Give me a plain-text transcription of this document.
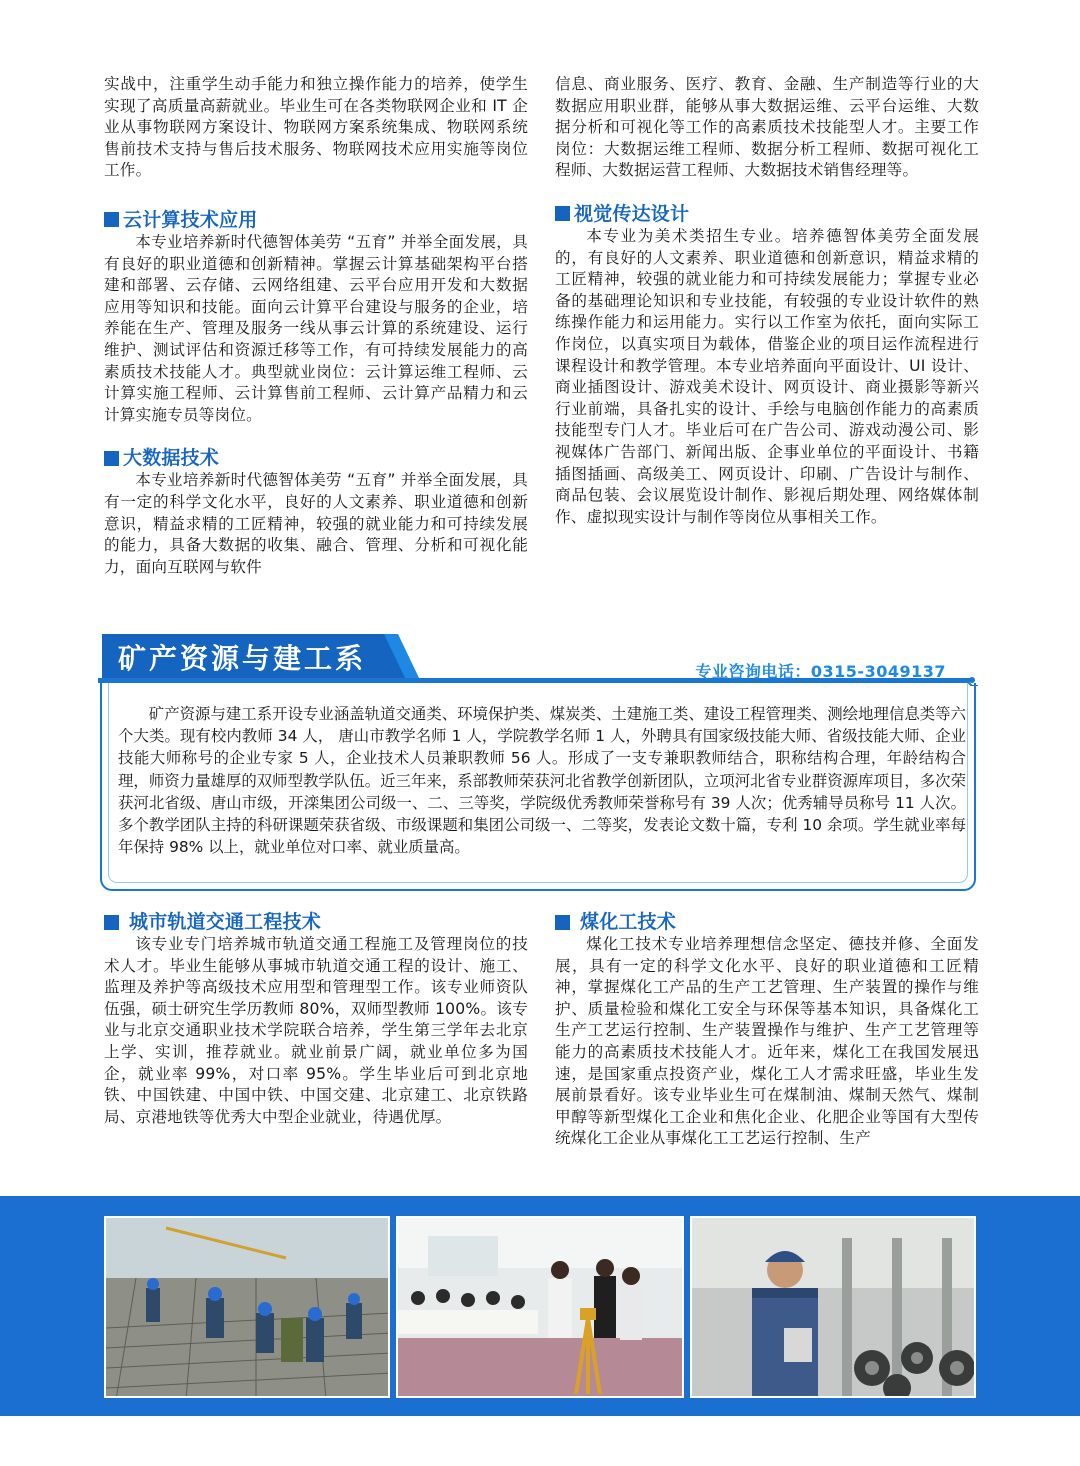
实战中，注重学生动手能力和独立操作能力的培养，使学生实现了高质量高薪就业。毕业生可在各类物联网企业和 IT 企业从事物联网方案设计、物联网方案系统集成、物联网系统售前技术支持与售后技术服务、物联网技术应用实施等岗位工作。

云计算技术应用

本专业培养新时代德智体美劳 “五育” 并举全面发展，具有良好的职业道德和创新精神。掌握云计算基础架构平台搭建和部署、云存储、云网络组建、云平台应用开发和大数据应用等知识和技能。面向云计算平台建设与服务的企业，培养能在生产、管理及服务一线从事云计算的系统建设、运行维护、测试评估和资源迁移等工作，有可持续发展能力的高素质技术技能人才。典型就业岗位：云计算运维工程师、云计算实施工程师、云计算售前工程师、云计算产品精力和云计算实施专员等岗位。

大数据技术

本专业培养新时代德智体美劳 “五育” 并举全面发展，具有一定的科学文化水平，良好的人文素养、职业道德和创新意识，精益求精的工匠精神，较强的就业能力和可持续发展的能力，具备大数据的收集、融合、管理、分析和可视化能力，面向互联网与软件

信息、商业服务、医疗、教育、金融、生产制造等行业的大数据应用职业群，能够从事大数据运维、云平台运维、大数据分析和可视化等工作的高素质技术技能型人才。主要工作岗位：大数据运维工程师、数据分析工程师、数据可视化工程师、大数据运营工程师、大数据技术销售经理等。

视觉传达设计

本专业为美术类招生专业。培养德智体美劳全面发展的，有良好的人文素养、职业道德和创新意识，精益求精的工匠精神，较强的就业能力和可持续发展能力；掌握专业必备的基础理论知识和专业技能，有较强的专业设计软件的熟练操作能力和运用能力。实行以工作室为依托，面向实际工作岗位，以真实项目为载体，借鉴企业的项目运作流程进行课程设计和教学管理。本专业培养面向平面设计、UI 设计、商业插图设计、游戏美术设计、网页设计、商业摄影等新兴行业前端，具备扎实的设计、手绘与电脑创作能力的高素质技能型专门人才。毕业后可在广告公司、游戏动漫公司、影视媒体广告部门、新闻出版、企事业单位的平面设计、书籍插图插画、高级美工、网页设计、印刷、广告设计与制作、商品包装、会议展览设计制作、影视后期处理、网络媒体制作、虚拟现实设计与制作等岗位从事相关工作。

矿产资源与建工系	专业咨询电话：0315-3049137

矿产资源与建工系开设专业涵盖轨道交通类、环境保护类、煤炭类、土建施工类、建设工程管理类、测绘地理信息类等六个大类。现有校内教师 34 人， 唐山市教学名师 1 人，学院教学名师 1 人，外聘具有国家级技能大师、省级技能大师、企业技能大师称号的企业专家 5 人，企业技术人员兼职教师 56 人。形成了一支专兼职教师结合，职称结构合理，年龄结构合理，师资力量雄厚的双师型教学队伍。近三年来，系部教师荣获河北省教学创新团队，立项河北省专业群资源库项目，多次荣获河北省级、唐山市级，开滦集团公司级一、二、三等奖，学院级优秀教师荣誉称号有 39 人次；优秀辅导员称号 11 人次。多个教学团队主持的科研课题荣获省级、市级课题和集团公司级一、二等奖，发表论文数十篇，专利 10 余项。学生就业率每年保持 98% 以上，就业单位对口率、就业质量高。

城市轨道交通工程技术

该专业专门培养城市轨道交通工程施工及管理岗位的技术人才。毕业生能够从事城市轨道交通工程的设计、施工、监理及养护等高级技术应用型和管理型工作。该专业师资队伍强，硕士研究生学历教师 80%，双师型教师 100%。该专业与北京交通职业技术学院联合培养，学生第三学年去北京上学、实训，推荐就业。就业前景广阔，就业单位多为国企，就业率 99%，对口率 95%。学生毕业后可到北京地铁、中国铁建、中国中铁、中国交建、北京建工、北京铁路局、京港地铁等优秀大中型企业就业，待遇优厚。

煤化工技术

煤化工技术专业培养理想信念坚定、德技并修、全面发展，具有一定的科学文化水平、良好的职业道德和工匠精神，掌握煤化工产品的生产工艺管理、生产装置的操作与维护、质量检验和煤化工安全与环保等基本知识，具备煤化工生产工艺运行控制、生产装置操作与维护、生产工艺管理等能力的高素质技术技能人才。近年来，煤化工在我国发展迅速，是国家重点投资产业，煤化工人才需求旺盛，毕业生发展前景看好。该专业毕业生可在煤制油、煤制天然气、煤制甲醇等新型煤化工企业和焦化企业、化肥企业等国有大型传统煤化工企业从事煤化工工艺运行控制、生产
